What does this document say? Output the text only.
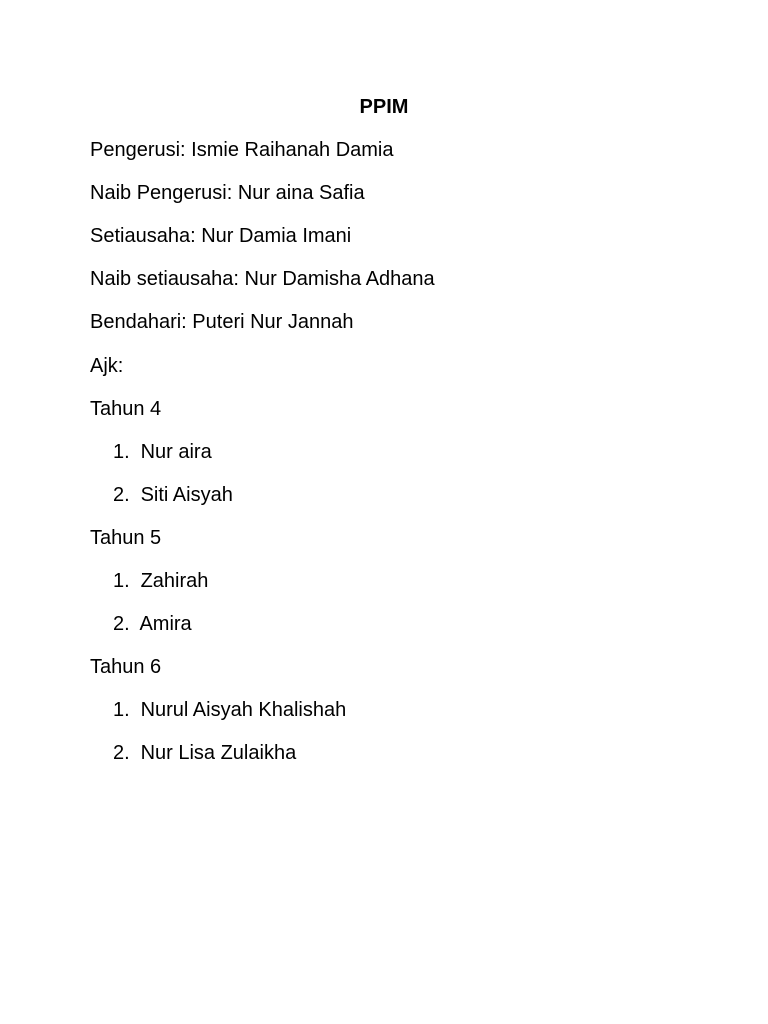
PPIM
Pengerusi: Ismie Raihanah Damia
Naib Pengerusi: Nur aina Safia
Setiausaha: Nur Damia Imani
Naib setiausaha: Nur Damisha Adhana
Bendahari: Puteri Nur Jannah
Ajk:
Tahun 4
1. Nur aira
2. Siti Aisyah
Tahun 5
1. Zahirah
2. Amira
Tahun 6
1. Nurul Aisyah Khalishah
2. Nur Lisa Zulaikha
